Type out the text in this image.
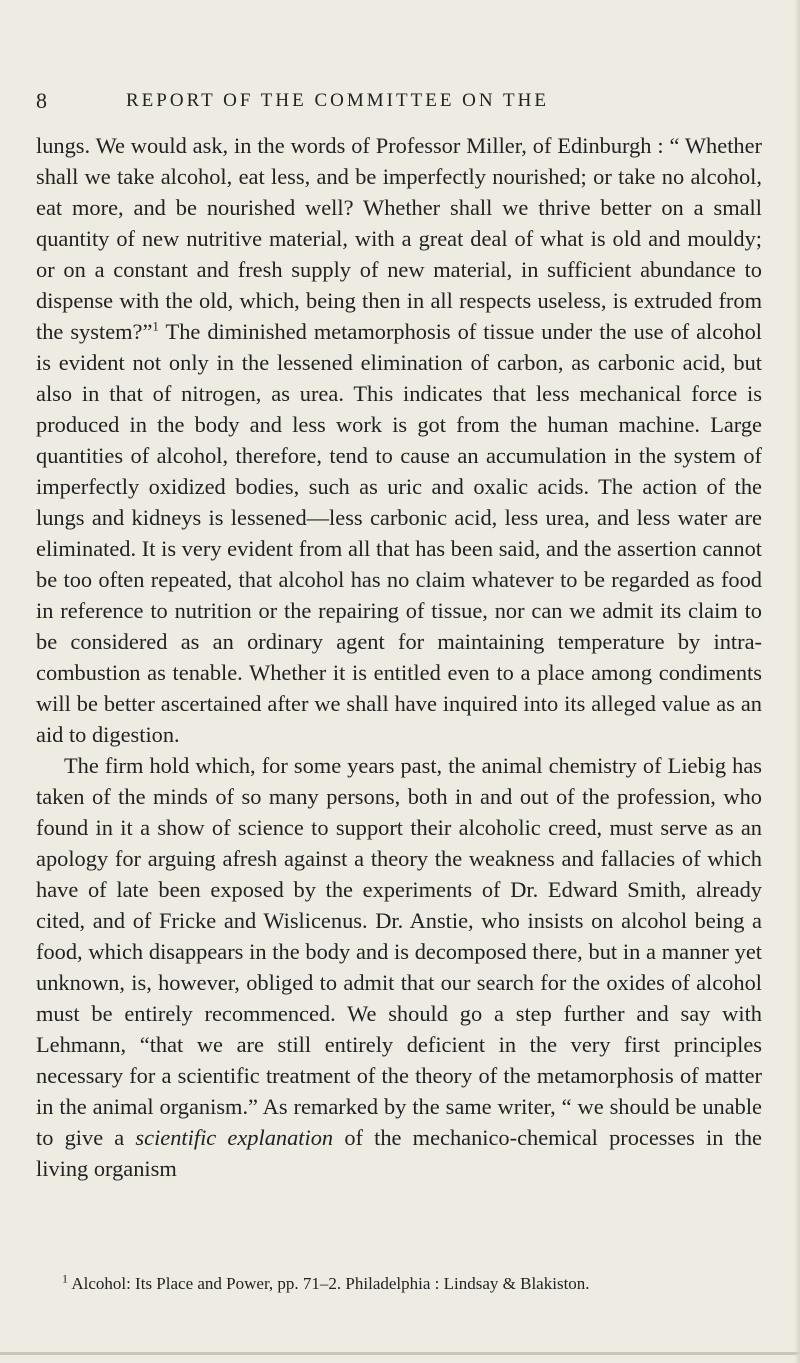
8	REPORT OF THE COMMITTEE ON THE

lungs. We would ask, in the words of Professor Miller, of Edinburgh : “ Whether shall we take alcohol, eat less, and be imperfectly nourished; or take no alcohol, eat more, and be nourished well? Whether shall we thrive better on a small quantity of new nutritive material, with a great deal of what is old and mouldy; or on a constant and fresh supply of new material, in sufficient abundance to dispense with the old, which, being then in all respects useless, is extruded from the system?”$^1$ The diminished metamorphosis of tissue under the use of alcohol is evident not only in the lessened elimination of carbon, as carbonic acid, but also in that of nitrogen, as urea. This indicates that less mechanical force is produced in the body and less work is got from the human machine. Large quantities of alcohol, therefore, tend to cause an accumulation in the system of imperfectly oxidized bodies, such as uric and oxalic acids. The action of the lungs and kidneys is lessened—less carbonic acid, less urea, and less water are eliminated. It is very evident from all that has been said, and the assertion cannot be too often repeated, that alcohol has no claim whatever to be regarded as food in reference to nutrition or the repairing of tissue, nor can we admit its claim to be considered as an ordinary agent for maintaining temperature by intra-combustion as tenable. Whether it is entitled even to a place among condiments will be better ascertained after we shall have inquired into its alleged value as an aid to digestion.

The firm hold which, for some years past, the animal chemistry of Liebig has taken of the minds of so many persons, both in and out of the profession, who found in it a show of science to support their alcoholic creed, must serve as an apology for arguing afresh against a theory the weakness and fallacies of which have of late been exposed by the experiments of Dr. Edward Smith, already cited, and of Fricke and Wislicenus. Dr. Anstie, who insists on alcohol being a food, which disappears in the body and is decomposed there, but in a manner yet unknown, is, however, obliged to admit that our search for the oxides of alcohol must be entirely recommenced. We should go a step further and say with Lehmann, “that we are still entirely deficient in the very first principles necessary for a scientific treatment of the theory of the metamorphosis of matter in the animal organism.” As remarked by the same writer, “ we should be unable to give a scientific explanation of the mechanico-chemical processes in the living organism

$^1$ Alcohol: Its Place and Power, pp. 71–2. Philadelphia : Lindsay & Blakiston.
